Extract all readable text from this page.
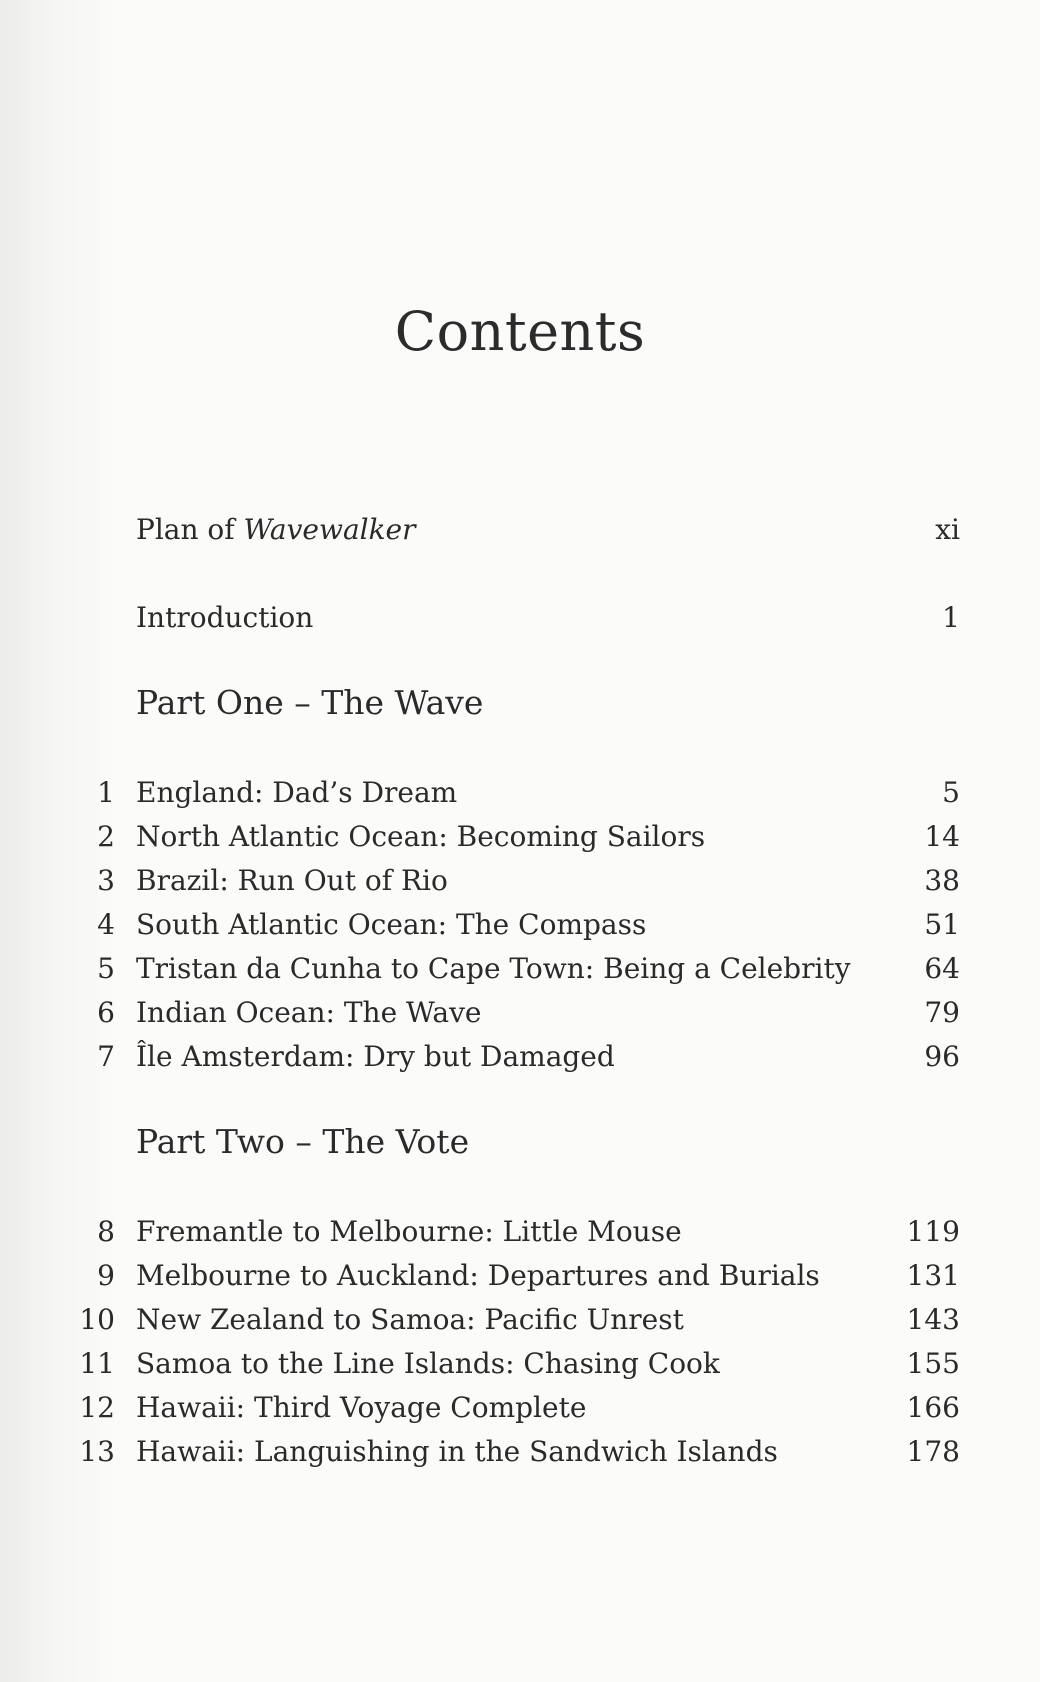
Contents
Plan of Wavewalker	xi
Introduction	1
Part One – The Wave
1 England: Dad’s Dream	5
2 North Atlantic Ocean: Becoming Sailors	14
3 Brazil: Run Out of Rio	38
4 South Atlantic Ocean: The Compass	51
5 Tristan da Cunha to Cape Town: Being a Celebrity	64
6 Indian Ocean: The Wave	79
7 Île Amsterdam: Dry but Damaged	96
Part Two – The Vote
8 Fremantle to Melbourne: Little Mouse	119
9 Melbourne to Auckland: Departures and Burials	131
10 New Zealand to Samoa: Pacific Unrest	143
11 Samoa to the Line Islands: Chasing Cook	155
12 Hawaii: Third Voyage Complete	166
13 Hawaii: Languishing in the Sandwich Islands	178
